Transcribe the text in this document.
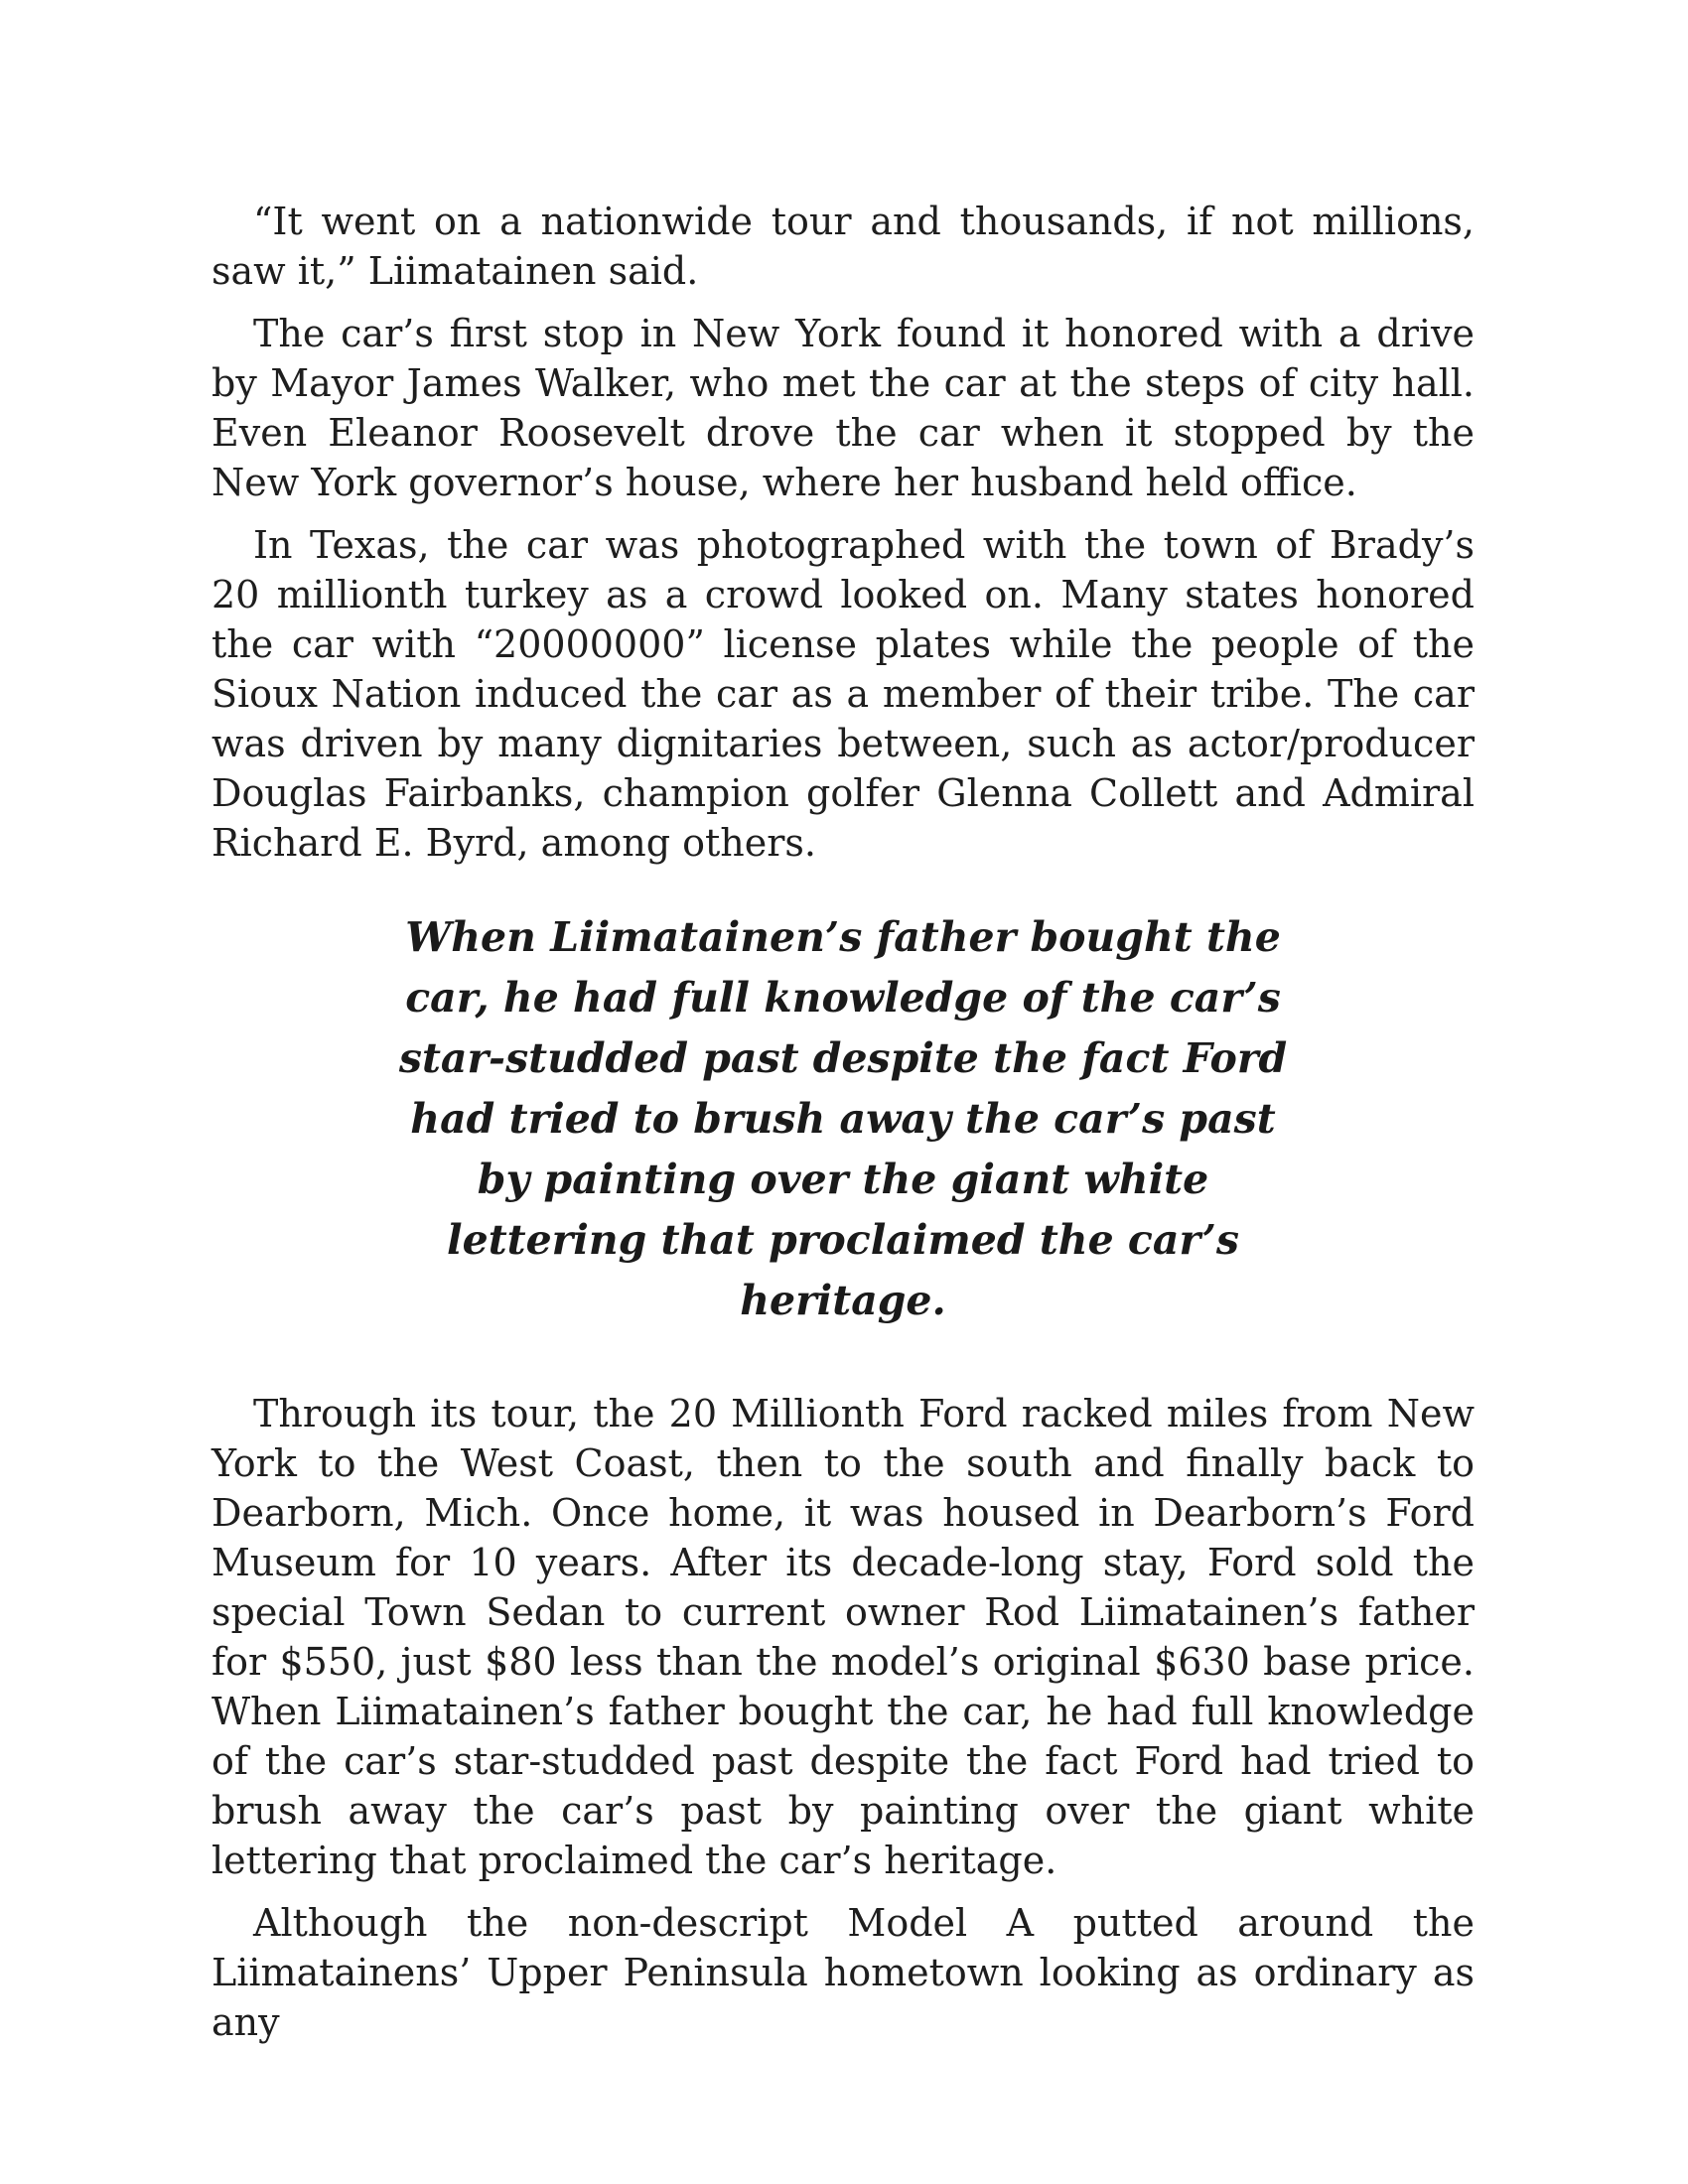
“It went on a nationwide tour and thousands, if not millions, saw it,” Liimatainen said.

The car’s first stop in New York found it honored with a drive by Mayor James Walker, who met the car at the steps of city hall. Even Eleanor Roosevelt drove the car when it stopped by the New York governor’s house, where her husband held office.

In Texas, the car was photographed with the town of Brady’s 20 millionth turkey as a crowd looked on. Many states honored the car with “20000000” license plates while the people of the Sioux Nation induced the car as a member of their tribe. The car was driven by many dignitaries between, such as actor/producer Douglas Fairbanks, champion golfer Glenna Collett and Admiral Richard E. Byrd, among others.

When Liimatainen’s father bought the car, he had full knowledge of the car’s star-studded past despite the fact Ford had tried to brush away the car’s past by painting over the giant white lettering that proclaimed the car’s heritage.

Through its tour, the 20 Millionth Ford racked miles from New York to the West Coast, then to the south and finally back to Dearborn, Mich. Once home, it was housed in Dearborn’s Ford Museum for 10 years. After its decade-long stay, Ford sold the special Town Sedan to current owner Rod Liimatainen’s father for $550, just $80 less than the model’s original $630 base price. When Liimatainen’s father bought the car, he had full knowledge of the car’s star-studded past despite the fact Ford had tried to brush away the car’s past by painting over the giant white lettering that proclaimed the car’s heritage.

Although the non-descript Model A putted around the Liimatainens’ Upper Peninsula hometown looking as ordinary as any
